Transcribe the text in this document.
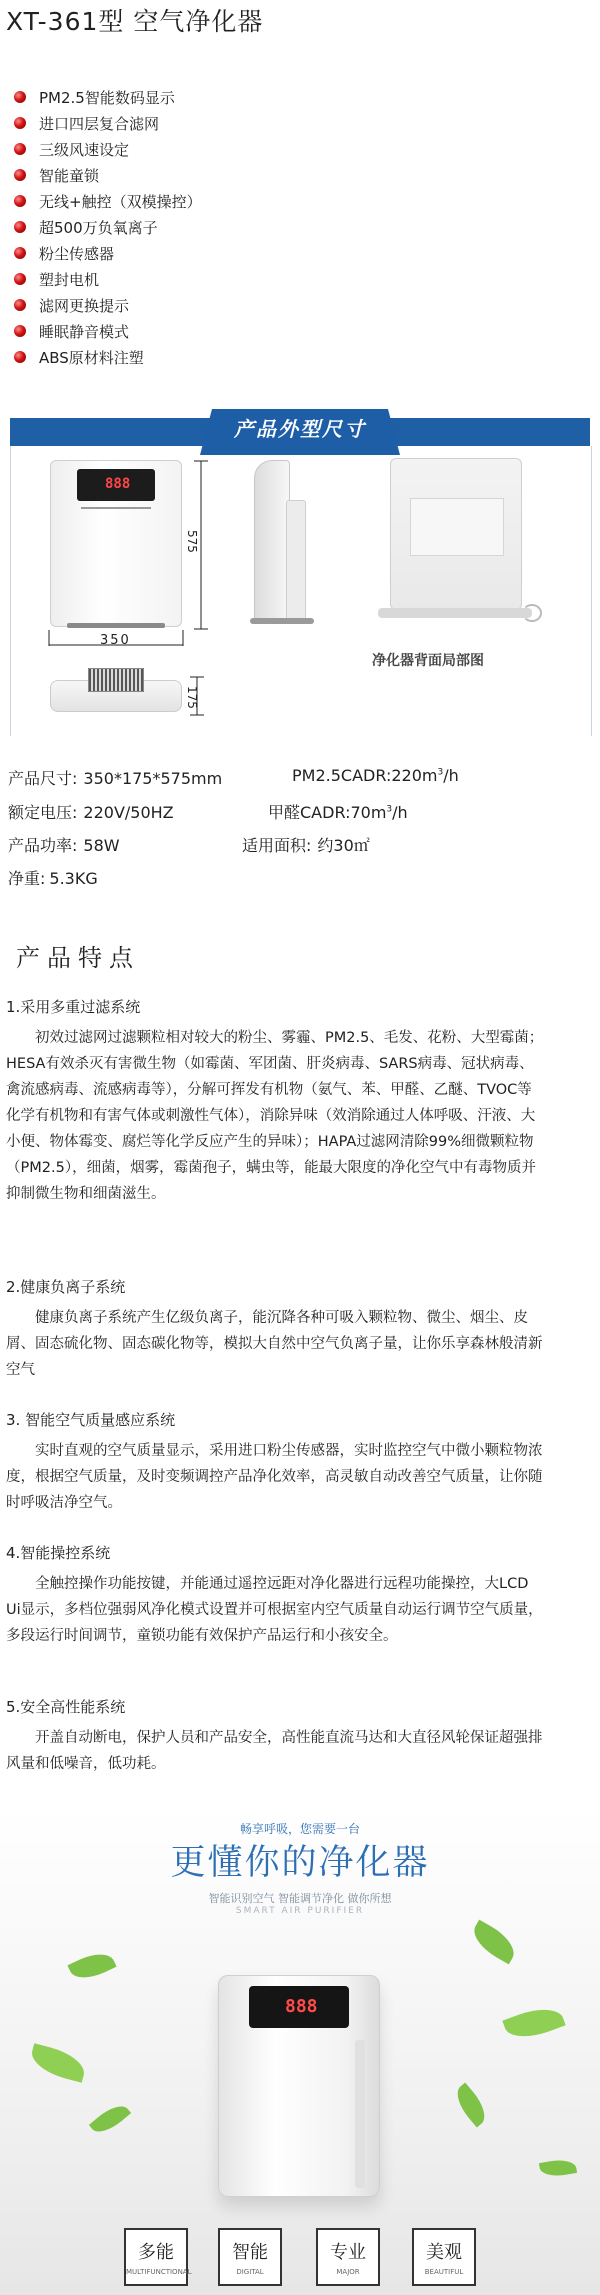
XT-361型 空气净化器
PM2.5智能数码显示
进口四层复合滤网
三级风速设定
智能童锁
无线+触控（双模操控）
超500万负氧离子
粉尘传感器
塑封电机
滤网更换提示
睡眠静音模式
ABS原材料注塑
产品外型尺寸
888
575
350
净化器背面局部图
175
产品尺寸: 350*175*575mm	$PM2.5CADR:220m^3/h$
额定电压: 220V/50HZ	甲醛$CADR:70m^3/h$
产品功率: 58W	适用面积: 约30㎡
净重: 5.3KG
产品特点
1.采用多重过滤系统

初效过滤网过滤颗粒相对较大的粉尘、雾霾、PM2.5、毛发、花粉、大型霉菌；HESA有效杀灭有害微生物（如霉菌、军团菌、肝炎病毒、SARS病毒、冠状病毒、禽流感病毒、流感病毒等），分解可挥发有机物（氨气、苯、甲醛、乙醚、TVOC等化学有机物和有害气体或刺激性气体），消除异味（效消除通过人体呼吸、汗液、大小便、物体霉变、腐烂等化学反应产生的异味）；HAPA过滤网清除99%细微颗粒物（PM2.5），细菌，烟雾，霉菌孢子，螨虫等，能最大限度的净化空气中有毒物质并抑制微生物和细菌滋生。

2.健康负离子系统

健康负离子系统产生亿级负离子，能沉降各种可吸入颗粒物、微尘、烟尘、皮屑、固态硫化物、固态碳化物等，模拟大自然中空气负离子量，让你乐享森林般清新空气

3. 智能空气质量感应系统

实时直观的空气质量显示，采用进口粉尘传感器，实时监控空气中微小颗粒物浓度，根据空气质量，及时变频调控产品净化效率，高灵敏自动改善空气质量，让你随时呼吸洁净空气。

4.智能操控系统

全触控操作功能按键，并能通过遥控远距对净化器进行远程功能操控，大LCD Ui显示，多档位强弱风净化模式设置并可根据室内空气质量自动运行调节空气质量，多段运行时间调节，童锁功能有效保护产品运行和小孩安全。

5.安全高性能系统

开盖自动断电，保护人员和产品安全，高性能直流马达和大直径风轮保证超强排风量和低噪音，低功耗。

畅享呼吸，您需要一台
更懂你的净化器
智能识别空气 智能调节净化 做你所想
SMART AIR PURIFIER
888
多能
MULTIFUNCTIONAL
智能
DIGITAL
专业
MAJOR
美观
BEAUTIFUL
